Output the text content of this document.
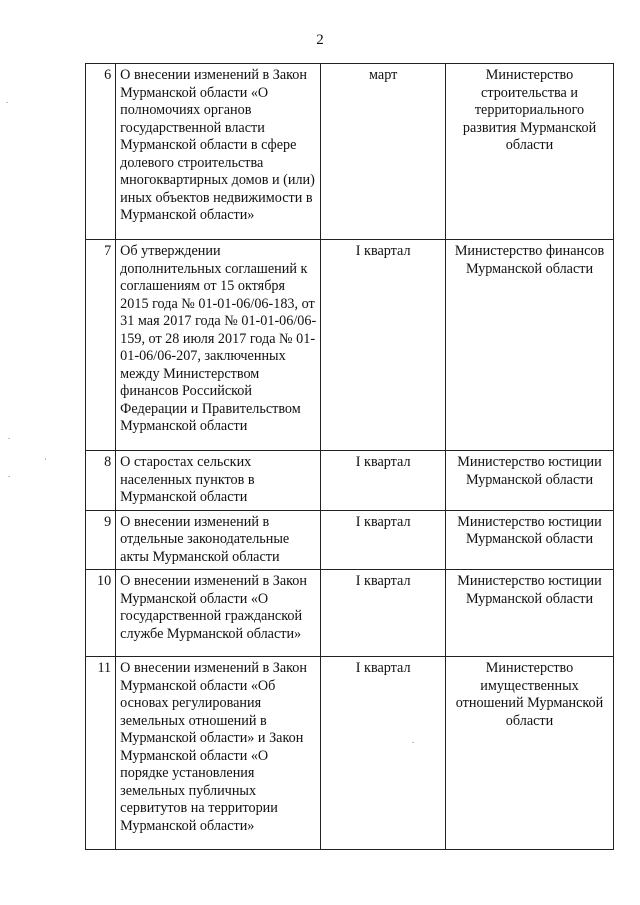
2
6	О внесении изменений в Закон Мурманской области «О полномочиях органов государственной власти Мурманской области в сфере долевого строительства многоквартирных домов и (или) иных объектов недвижимости в Мурманской области»	март	Министерство строительства и территориального развития Мурманской области
7	Об утверждении дополнительных соглашений к соглашениям от 15 октября 2015 года № 01-01-06/06-183, от 31 мая 2017 года № 01-01-06/06-159, от 28 июля 2017 года № 01-01-06/06-207, заключенных между Министерством финансов Российской Федерации и Правительством Мурманской области	I квартал	Министерство финансов Мурманской области
8	О старостах сельских населенных пунктов в Мурманской области	I квартал	Министерство юстиции Мурманской области
9	О внесении изменений в отдельные законодательные акты Мурманской области	I квартал	Министерство юстиции Мурманской области
10	О внесении изменений в Закон Мурманской области «О государственной гражданской службе Мурманской области»	I квартал	Министерство юстиции Мурманской области
11	О внесении изменений в Закон Мурманской области «Об основах регулирования земельных отношений в Мурманской области» и Закон Мурманской области «О порядке установления земельных публичных сервитутов на территории Мурманской области»	I квартал	Министерство имущественных отношений Мурманской области
.
.
·
.
.
